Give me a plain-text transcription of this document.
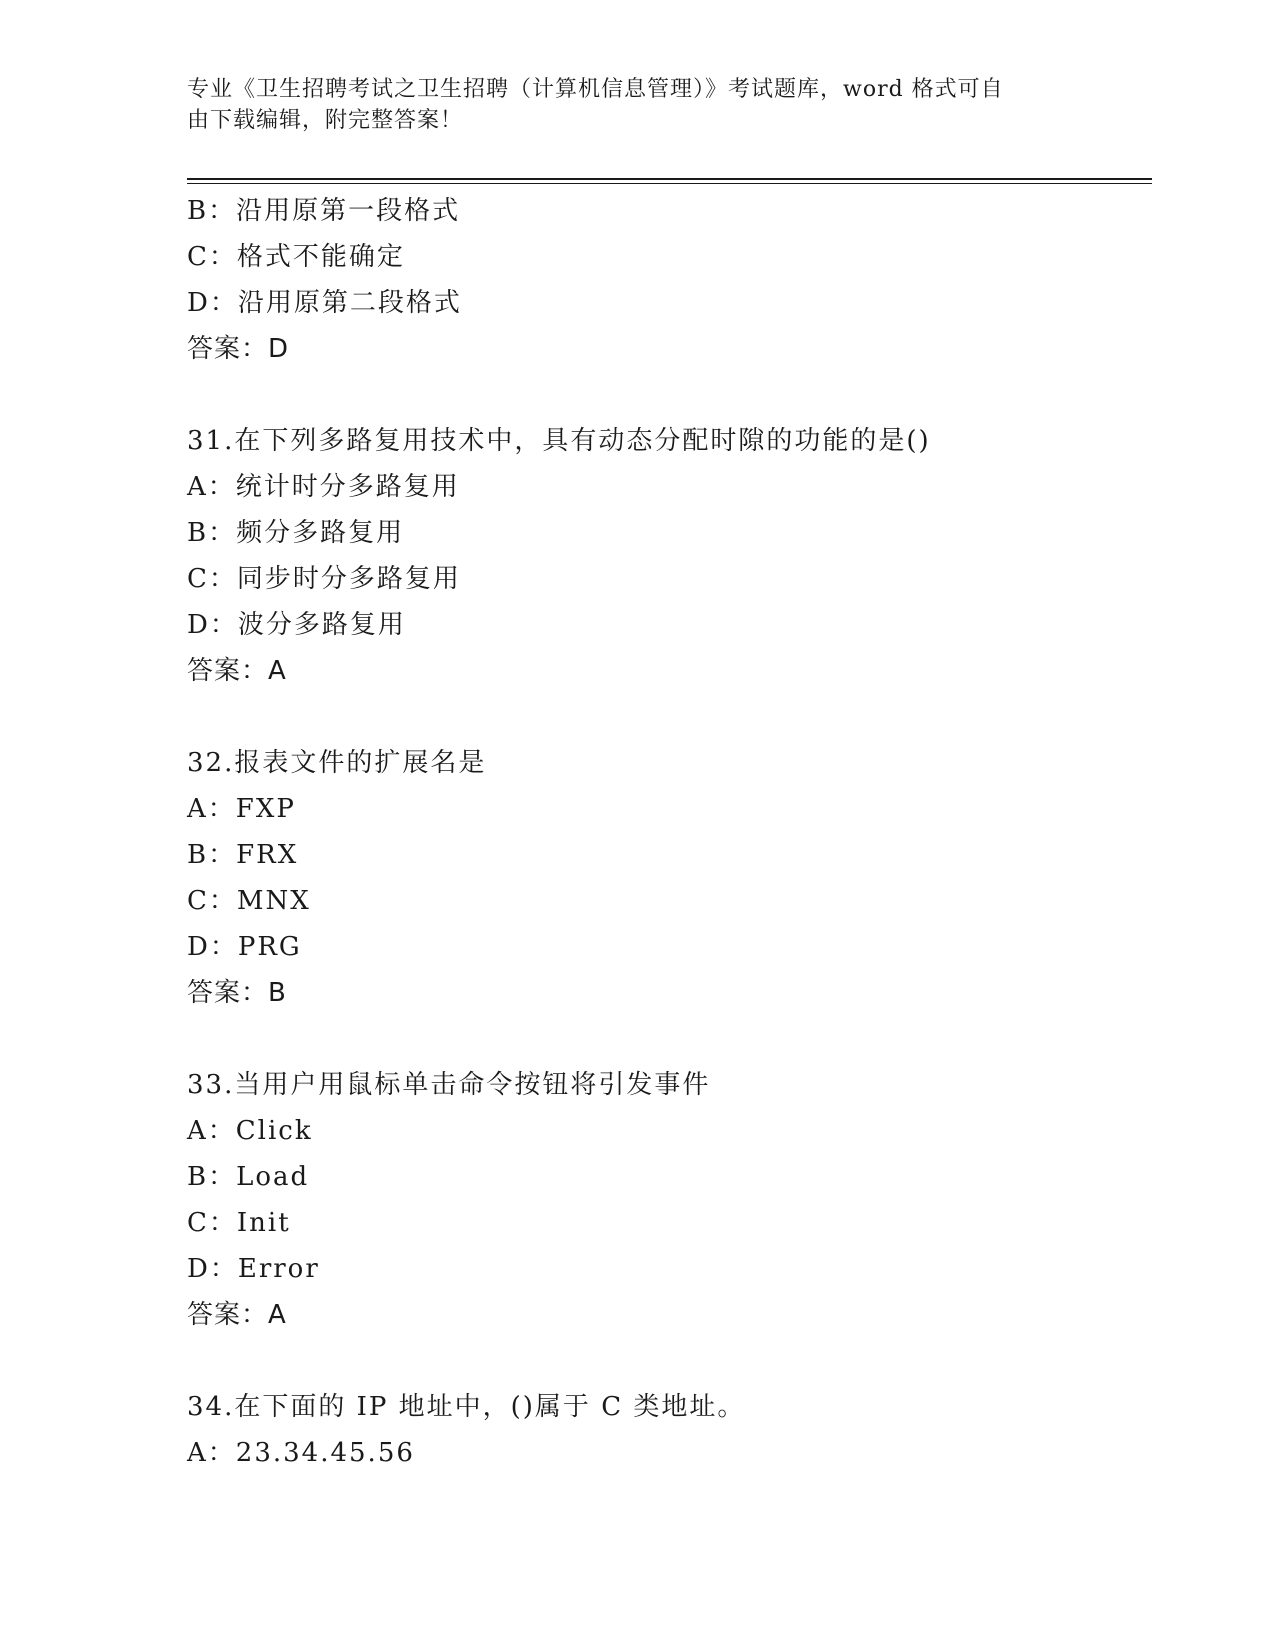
专业《卫生招聘考试之卫生招聘（计算机信息管理）》考试题库，word 格式可自
由下载编辑，附完整答案！
B：沿用原第一段格式
C：格式不能确定
D：沿用原第二段格式
答案：D
31.在下列多路复用技术中，具有动态分配时隙的功能的是()
A：统计时分多路复用
B：频分多路复用
C：同步时分多路复用
D：波分多路复用
答案：A
32.报表文件的扩展名是
A：FXP
B：FRX
C：MNX
D：PRG
答案：B
33.当用户用鼠标单击命令按钮将引发事件
A：Click
B：Load
C：Init
D：Error
答案：A
34.在下面的 IP 地址中，()属于 C 类地址。
A：23.34.45.56
